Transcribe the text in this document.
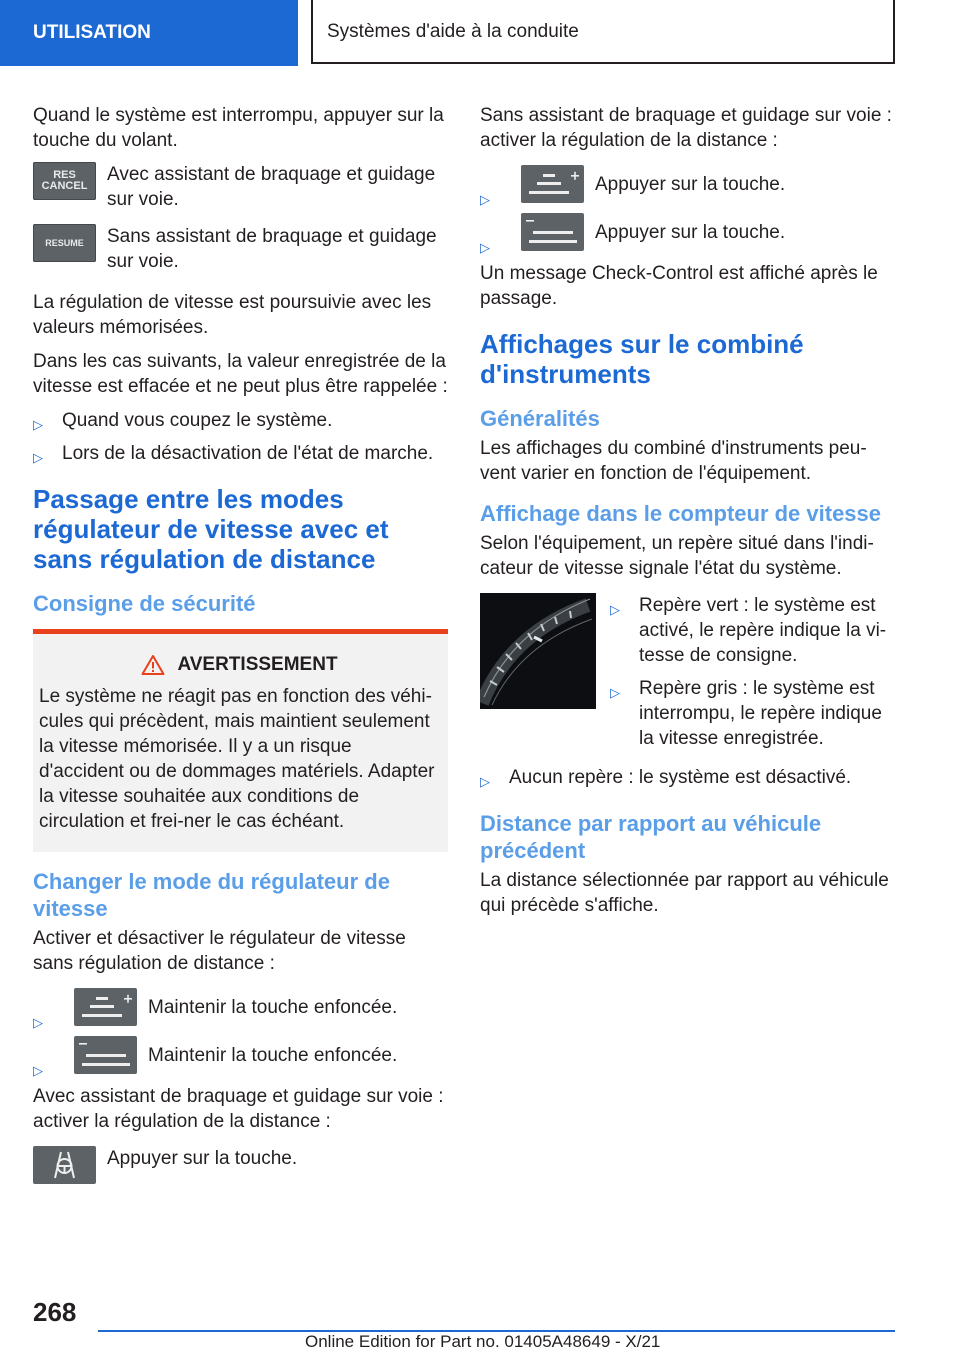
UTILISATION	Systèmes d'aide à la conduite

Quand le système est interrompu, appuyer sur la touche du volant.

RES
CANCEL
Avec assistant de braquage et guidage sur voie.
RESUME	Sans assistant de braquage et guidage sur voie.

La régulation de vitesse est poursuivie avec les valeurs mémorisées.

Dans les cas suivants, la valeur enregistrée de la vitesse est effacée et ne peut plus être rappelée :

▷ Quand vous coupez le système.
▷ Lors de la désactivation de l'état de marche.
Passage entre les modes régulateur de vitesse avec et sans régulation de distance
Consigne de sécurité
AVERTISSEMENT

Le système ne réagit pas en fonction des véhi-cules qui précèdent, mais maintient seulement la vitesse mémorisée. Il y a un risque d'accident ou de dommages matériels. Adapter la vitesse souhaitée aux conditions de circulation et frei-ner le cas échéant.

Changer le mode du régulateur de vitesse

Activer et désactiver le régulateur de vitesse sans régulation de distance :

▷
Maintenir la touche enfoncée.
▷
Maintenir la touche enfoncée.

Avec assistant de braquage et guidage sur voie : activer la régulation de la distance :

Appuyer sur la touche.

Sans assistant de braquage et guidage sur voie : activer la régulation de la distance :

▷
Appuyer sur la touche.
▷
Appuyer sur la touche.

Un message Check-Control est affiché après le passage.

Affichages sur le combiné d'instruments
Généralités

Les affichages du combiné d'instruments peu-vent varier en fonction de l'équipement.

Affichage dans le compteur de vitesse

Selon l'équipement, un repère situé dans l'indi-cateur de vitesse signale l'état du système.

▷ Repère vert : le système est activé, le repère indique la vi-tesse de consigne.
▷ Repère gris : le système est interrompu, le repère indique la vitesse enregistrée.
▷ Aucun repère : le système est désactivé.
Distance par rapport au véhicule précédent

La distance sélectionnée par rapport au véhicule qui précède s'affiche.

268
Online Edition for Part no. 01405A48649 - X/21
